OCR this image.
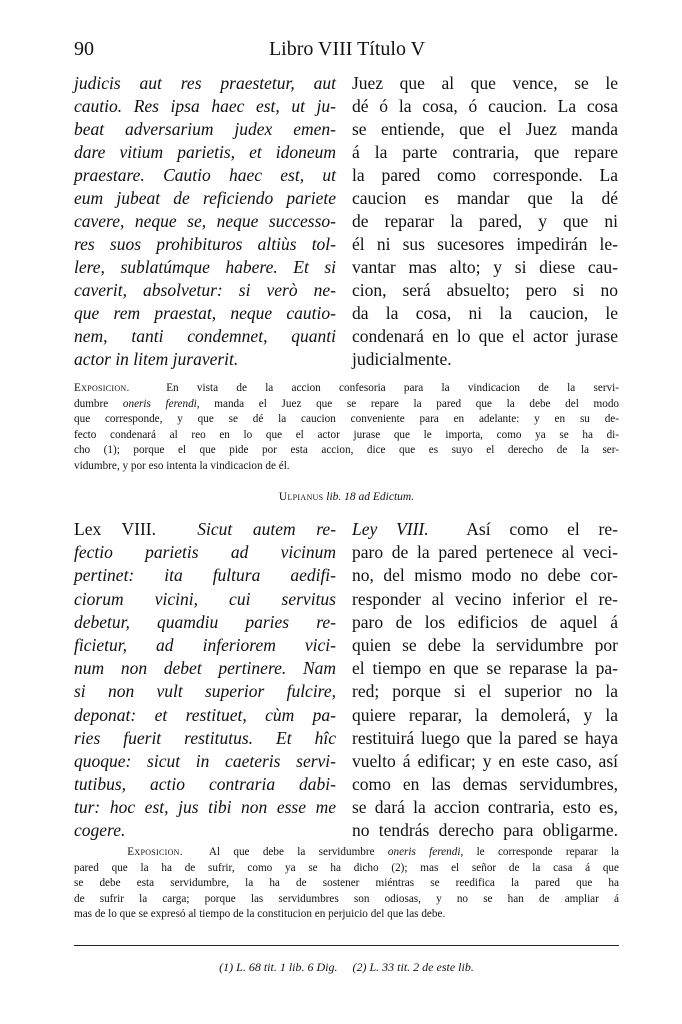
90	Libro VIII Título V
judicis aut res praestetur, aut
cautio. Res ipsa haec est, ut ju-
beat adversarium judex emen-
dare vitium parietis, et idoneum
praestare. Cautio haec est, ut
eum jubeat de reficiendo pariete
cavere, neque se, neque successo-
res suos prohibituros altiùs tol-
lere, sublatúmque habere. Et si
caverit, absolvetur: si verò ne-
que rem praestat, neque cautio-
nem, tanti condemnet, quanti
actor in litem juraverit.
Juez que al que vence, se le
dé ó la cosa, ó caucion. La cosa
se entiende, que el Juez manda
á la parte contraria, que repare
la pared como corresponde. La
caucion es mandar que la dé
de reparar la pared, y que ni
él ni sus sucesores impedirán le-
vantar mas alto; y si diese cau-
cion, será absuelto; pero si no
da la cosa, ni la caucion, le
condenará en lo que el actor jurase
judicialmente.
Exposicion.	En vista de la accion confesoria para la vindicacion de la servi-
dumbre oneris ferendi, manda el Juez que se repare la pared que la debe del modo
que corresponde, y que se dé la caucion conveniente para en adelante: y en su de-
fecto condenará al reo en lo que el actor jurase que le importa, como ya se ha di-
cho (1); porque el que pide por esta accion, dice que es suyo el derecho de la ser-
vidumbre, y por eso intenta la vindicacion de él.
Ulpianus lib. 18 ad Edictum.
Lex VIII. Sicut autem re-
fectio parietis ad vicinum
pertinet: ita fultura aedifi-
ciorum vicini, cui servitus
debetur, quamdiu paries re-
ficietur, ad inferiorem vici-
num non debet pertinere. Nam
si non vult superior fulcire,
deponat: et restituet, cùm pa-
ries fuerit restitutus. Et hîc
quoque: sicut in caeteris servi-
tutibus, actio contraria dabi-
tur: hoc est, jus tibi non esse me
cogere.
Ley VIII. Así como el re-
paro de la pared pertenece al veci-
no, del mismo modo no debe cor-
responder al vecino inferior el re-
paro de los edificios de aquel á
quien se debe la servidumbre por
el tiempo en que se reparase la pa-
red; porque si el superior no la
quiere reparar, la demolerá, y la
restituirá luego que la pared se haya
vuelto á edificar; y en este caso, así
como en las demas servidumbres,
se dará la accion contraria, esto es,
no tendrás derecho para obligarme.
Exposicion. Al que debe la servidumbre oneris ferendi, le corresponde reparar la
pared que la ha de sufrir, como ya se ha dicho (2); mas el señor de la casa á que
se debe esta servidumbre, la ha de sostener miéntras se reedifica la pared que ha
de sufrir la carga; porque las servidumbres son odiosas, y no se han de ampliar á
mas de lo que se expresó al tiempo de la constitucion en perjuicio del que las debe.
(1) L. 68 tit. 1 lib. 6 Dig. (2) L. 33 tit. 2 de este lib.
